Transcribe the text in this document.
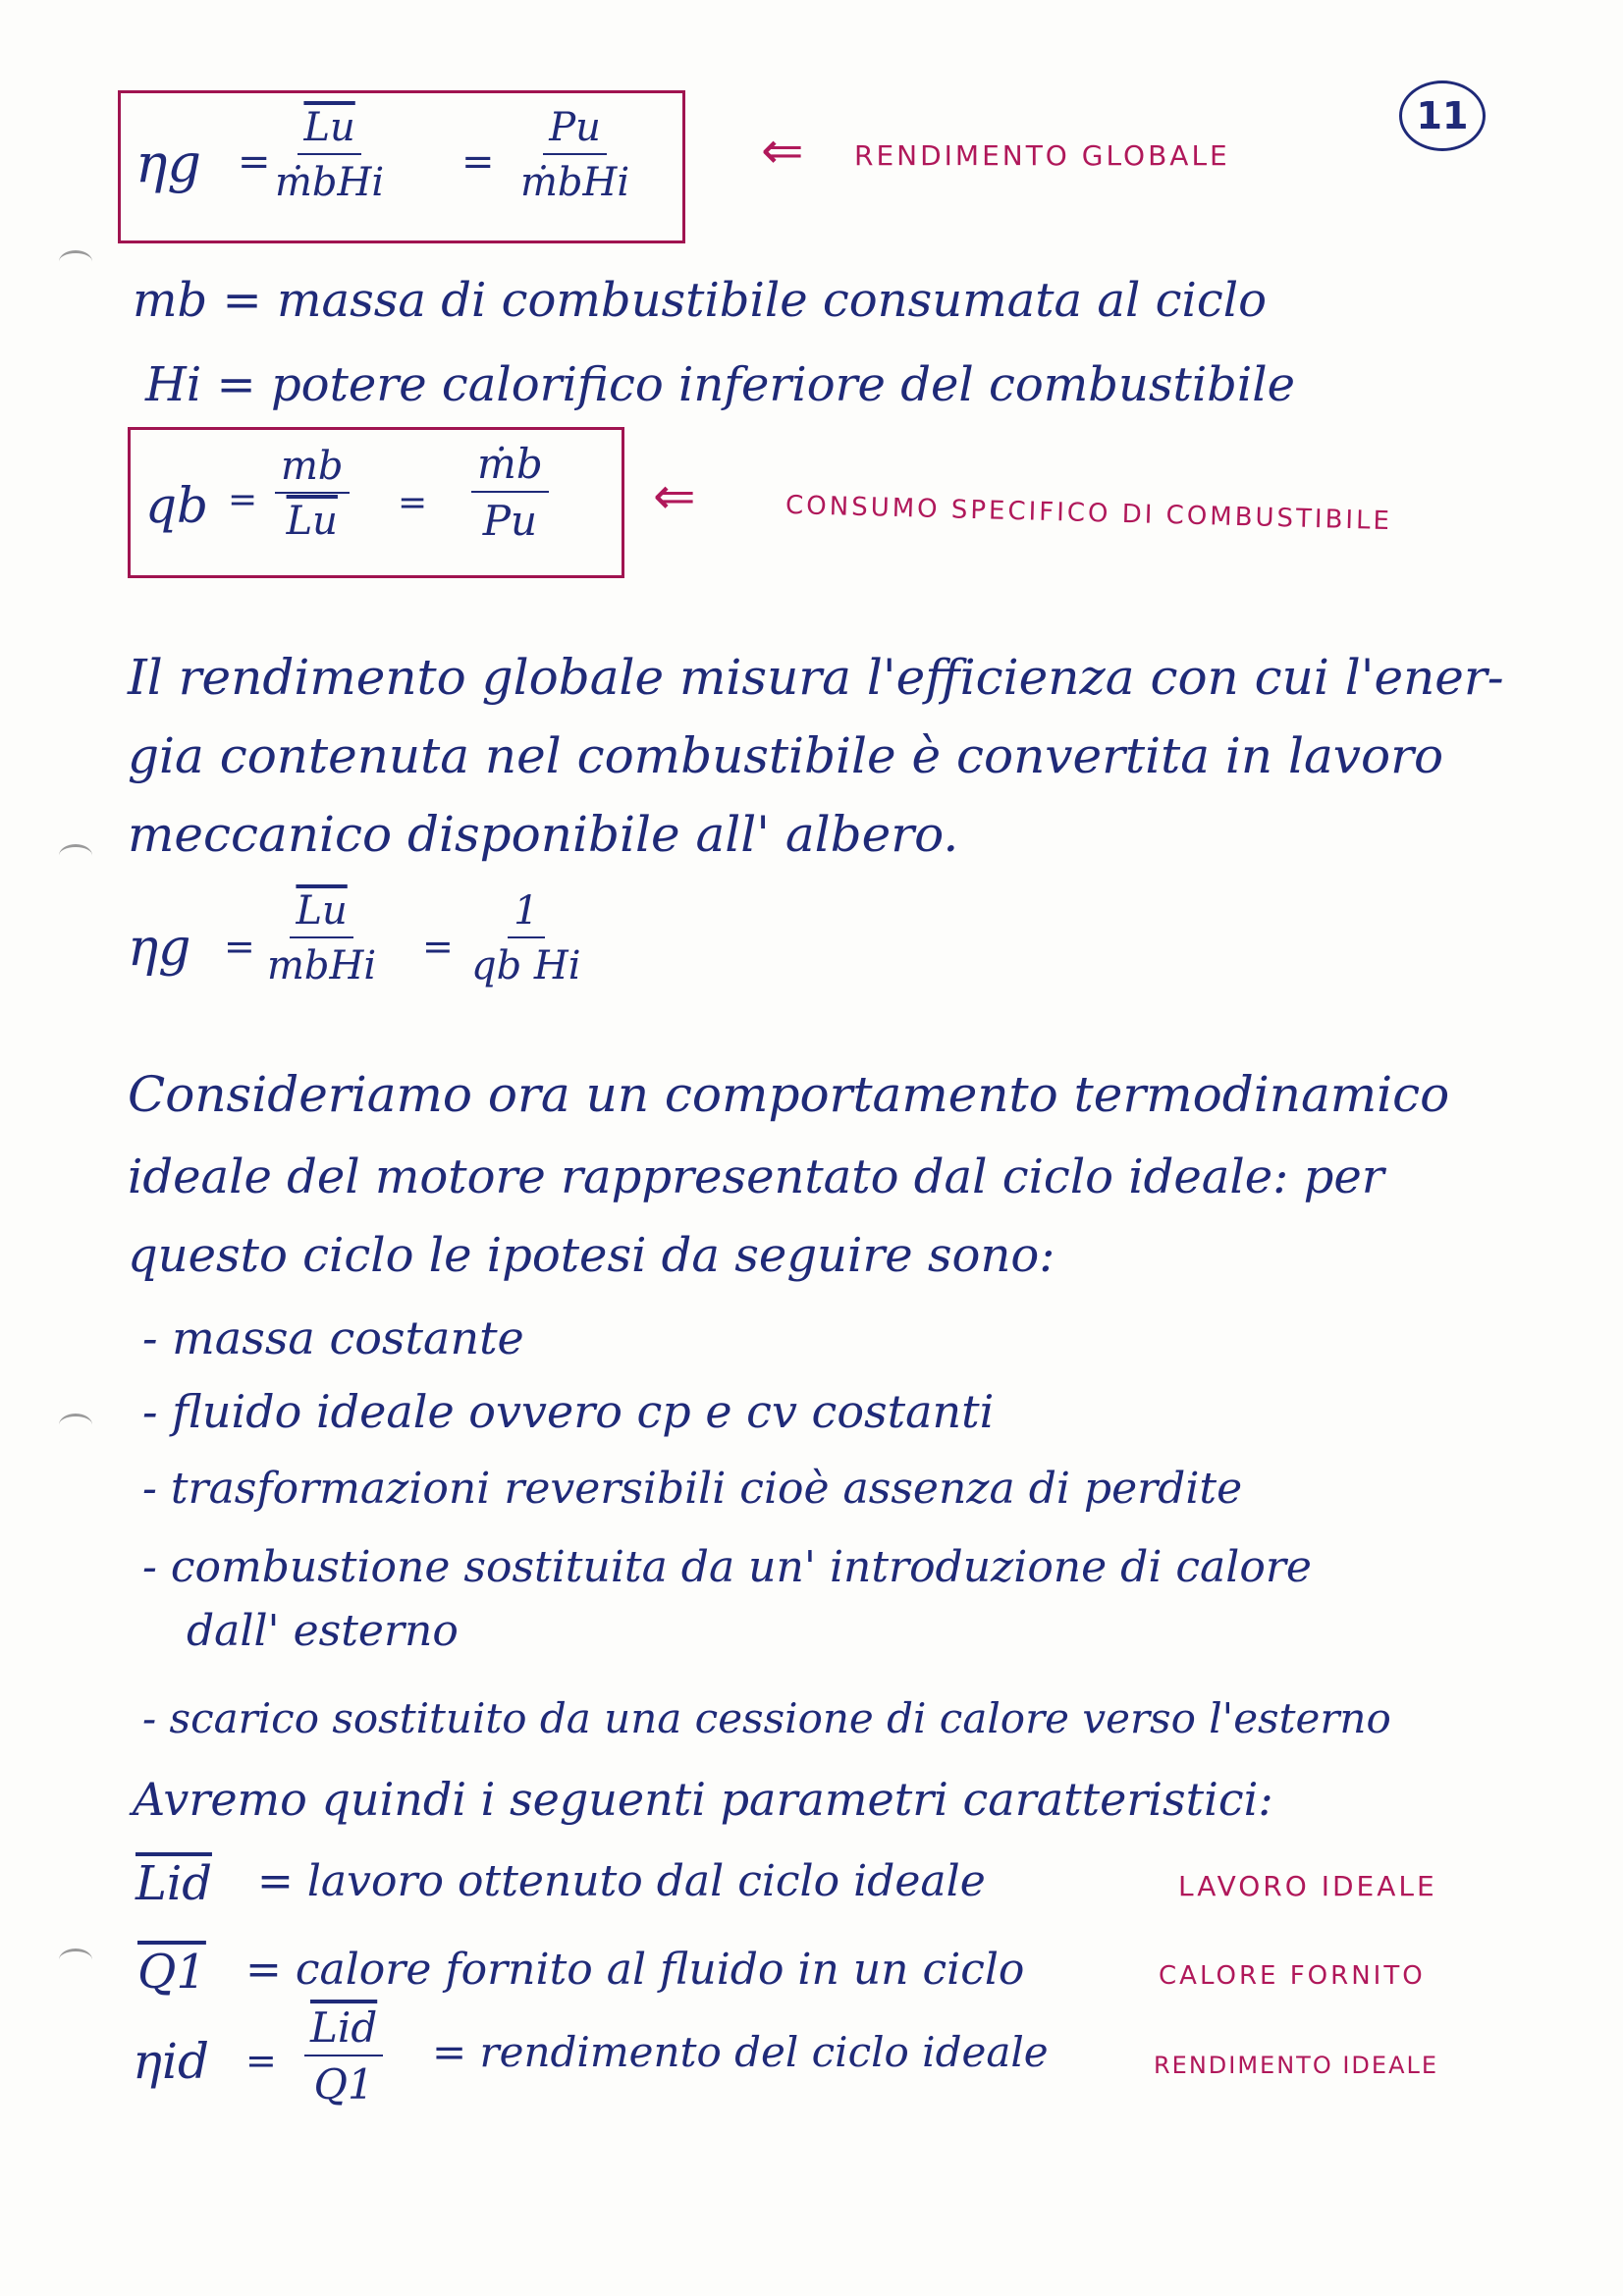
11
ηg =
$\overline{Lu}$
ṁbHi =
Pu
ṁbHi
⇐ RENDIMENTO GLOBALE
mb = massa di combustibile consumata al ciclo
Hi = potere calorifico inferiore del combustibile
qb = $\frac{mb}{Lu} = \frac{\text{ṁb}}{Pu}$ ⇐	CONSUMO SPECIFICO DI COMBUSTIBILE
Il rendimento globale misura l'efficienza con cui l'ener-
gia contenuta nel combustibile è convertita in lavoro
meccanico disponibile all' albero.
ηg =
$\overline{Lu}$
mbHi = $\frac{1}{\text{qb Hi}}$
Consideriamo ora un comportamento termodinamico
ideale del motore rappresentato dal ciclo ideale: per
questo ciclo le ipotesi da seguire sono:
- massa costante
- fluido ideale ovvero cp e cv costanti
- trasformazioni reversibili cioè assenza di perdite
- combustione sostituita da un' introduzione di calore
dall' esterno
- scarico sostituito da una cessione di calore verso l'esterno
Avremo quindi i seguenti parametri caratteristici:
$\overline{Lid}$ = lavoro ottenuto dal ciclo ideale	LAVORO IDEALE
Q1 = calore fornito al fluido in un ciclo	CALORE FORNITO
ηid =
$\overline{Lid}$
Q1
= rendimento del ciclo ideale	RENDIMENTO IDEALE
